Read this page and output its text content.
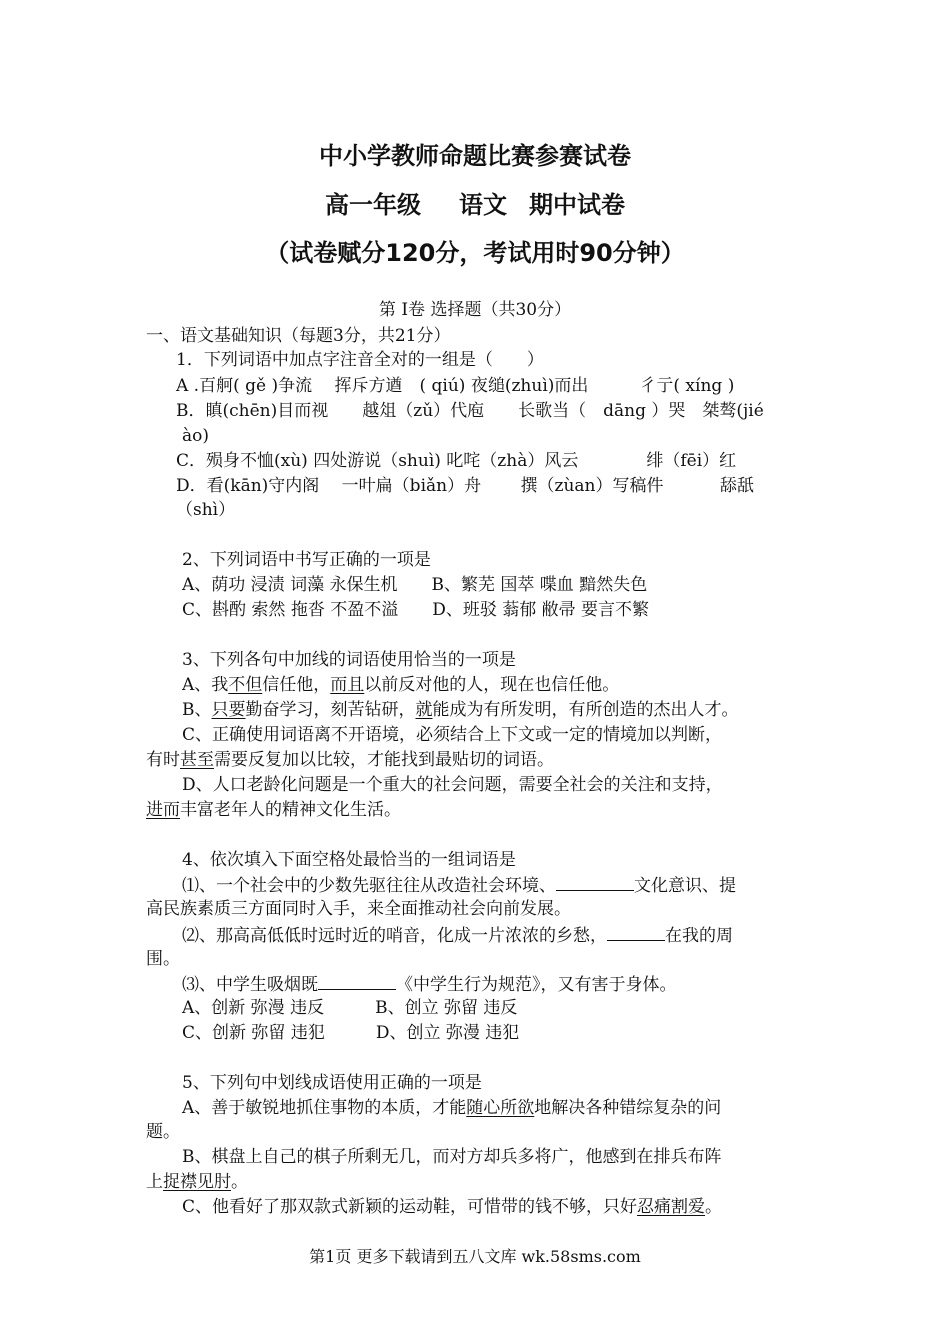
中小学教师命题比赛参赛试卷
高一年级 语文 期中试卷
（试卷赋分120分，考试用时90分钟）
第 Ⅰ卷 选择题（共30分）
一、语文基础知识（每题3分，共21分）
1．下列词语中加点字注音全对的一组是（　　）
A .百舸( gě )争流　 挥斥方遒　( qiú) 夜缒(zhuì)而出　　　彳亍( xíng )
B．瞋(chēn)目而视　　越俎（zǔ）代庖　　长歌当（　dāng ）哭　桀骜(jié
ào)
C．殒身不恤(xù) 四处游说（shuì) 叱咤（zhà）风云　　　　绯（fēi）红
D．看(kān)守内阁　 一叶扁（biǎn）舟　　 撰（zùan）写稿件　　　 舔舐
（shì）
2、下列词语中书写正确的一项是
A、荫功 浸渍 词藻 永保生机　　B、繁芜 国萃 喋血 黯然失色
C、斟酌 索然 拖沓 不盈不溢　　D、班驳 蓊郁 敝帚 要言不繁
3、下列各句中加线的词语使用恰当的一项是
A、我不但信任他，而且以前反对他的人，现在也信任他。
B、只要勤奋学习，刻苦钻研，就能成为有所发明，有所创造的杰出人才。
C、正确使用词语离不开语境，必须结合上下文或一定的情境加以判断，
有时甚至需要反复加以比较，才能找到最贴切的词语。
D、人口老龄化问题是一个重大的社会问题，需要全社会的关注和支持，
进而丰富老年人的精神文化生活。
4、依次填入下面空格处最恰当的一组词语是
⑴、一个社会中的少数先驱往往从改造社会环境、	文化意识、提
高民族素质三方面同时入手，来全面推动社会向前发展。
⑵、那高高低低时远时近的哨音，化成一片浓浓的乡愁，	在我的周
围。
⑶、中学生吸烟既	《中学生行为规范》，又有害于身体。
A、创新 弥漫 违反　　　B、创立 弥留 违反
C、创新 弥留 违犯　　　D、创立 弥漫 违犯
5、下列句中划线成语使用正确的一项是
A、善于敏锐地抓住事物的本质，才能随心所欲地解决各种错综复杂的问
题。
B、棋盘上自己的棋子所剩无几，而对方却兵多将广，他感到在排兵布阵
上捉襟见肘。
C、他看好了那双款式新颖的运动鞋，可惜带的钱不够，只好忍痛割爱。
第1页 更多下载请到五八文库 wk.58sms.com
